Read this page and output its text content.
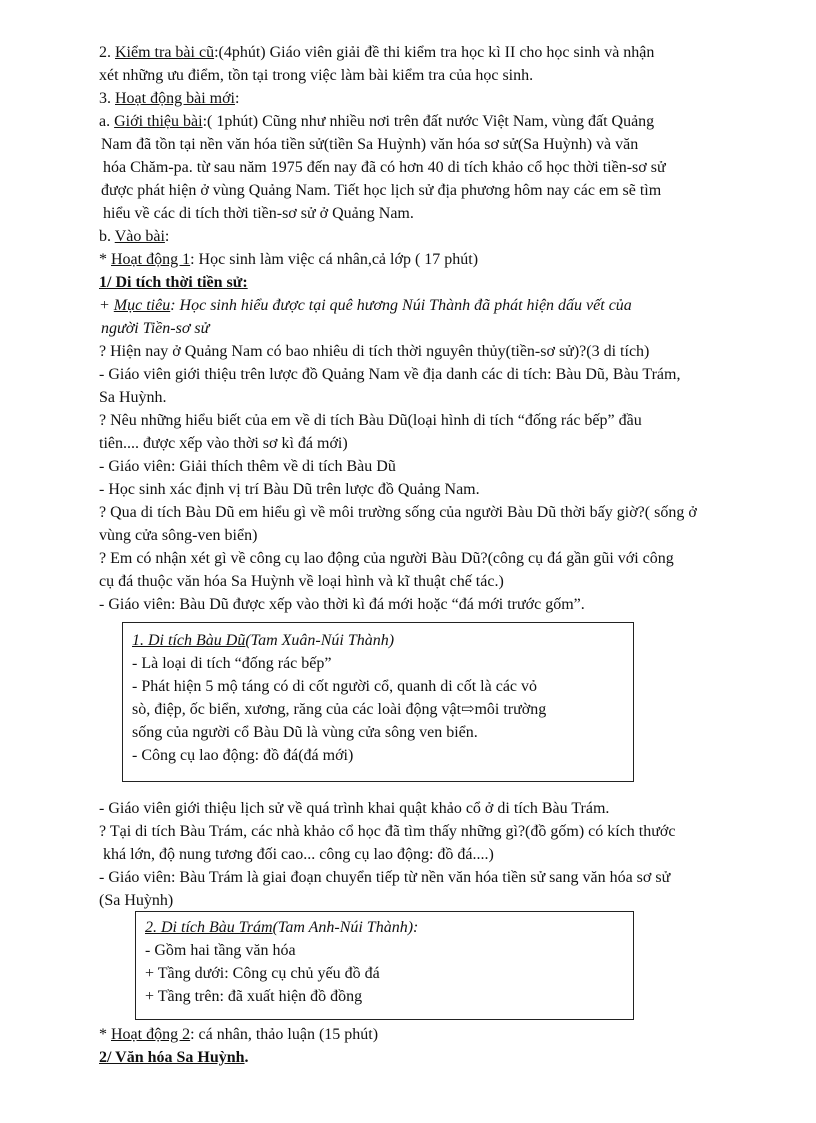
2. Kiểm tra bài cũ:(4phút) Giáo viên giải đề thi kiểm tra học kì II cho học sinh và nhận
xét những ưu điểm, tồn tại trong việc làm bài kiểm tra của học sinh.
3. Hoạt động bài mới:
a. Giới thiệu bài:( 1phút) Cũng như nhiều nơi trên đất nước Việt Nam, vùng đất Quảng
Nam đã tồn tại nền văn hóa tiền sử(tiền Sa Huỳnh) văn hóa sơ sử(Sa Huỳnh) và văn
hóa Chăm-pa. từ sau năm 1975 đến nay đã có hơn 40 di tích khảo cổ học thời tiền-sơ sử
được phát hiện ở vùng Quảng Nam. Tiết học lịch sử địa phương hôm nay các em sẽ tìm
hiểu về các di tích thời tiền-sơ sử ở Quảng Nam.
b. Vào bài:
* Hoạt động 1: Học sinh làm việc cá nhân,cả lớp ( 17 phút)
1/ Di tích thời tiền sử:
+ Mục tiêu: Học sinh hiểu được tại quê hương Núi Thành đã phát hiện dấu vết của
người Tiền-sơ sử
? Hiện nay ở Quảng Nam có bao nhiêu di tích thời nguyên thủy(tiền-sơ sử)?(3 di tích)
- Giáo viên giới thiệu trên lược đồ Quảng Nam về địa danh các di tích: Bàu Dũ, Bàu Trám,
Sa Huỳnh.
? Nêu những hiểu biết của em về di tích Bàu Dũ(loại hình di tích “đống rác bếp” đầu
tiên.... được xếp vào thời sơ kì đá mới)
- Giáo viên: Giải thích thêm về di tích Bàu Dũ
- Học sinh xác định vị trí Bàu Dũ trên lược đồ Quảng Nam.
? Qua di tích Bàu Dũ em hiểu gì về môi trường sống của người Bàu Dũ thời bấy giờ?( sống ở
vùng cửa sông-ven biển)
? Em có nhận xét gì về công cụ lao động của người Bàu Dũ?(công cụ đá gần gũi với công
cụ đá thuộc văn hóa Sa Huỳnh về loại hình và kĩ thuật chế tác.)
- Giáo viên: Bàu Dũ được xếp vào thời kì đá mới hoặc “đá mới trước gốm”.
1. Di tích Bàu Dũ(Tam Xuân-Núi Thành)
- Là loại di tích “đống rác bếp”
- Phát hiện 5 mộ táng có di cốt người cổ, quanh di cốt là các vỏ
sò, điệp, ốc biển, xương, răng của các loài động vật⇨môi trường
sống của người cổ Bàu Dũ là vùng cửa sông ven biển.
- Công cụ lao động: đồ đá(đá mới)
- Giáo viên giới thiệu lịch sử về quá trình khai quật khảo cổ ở di tích Bàu Trám.
? Tại di tích Bàu Trám, các nhà khảo cổ học đã tìm thấy những gì?(đồ gốm) có kích thước
khá lớn, độ nung tương đối cao... công cụ lao động: đồ đá....)
- Giáo viên: Bàu Trám là giai đoạn chuyển tiếp từ nền văn hóa tiền sử sang văn hóa sơ sử
(Sa Huỳnh)
2. Di tích Bàu Trám(Tam Anh-Núi Thành):
- Gồm hai tầng văn hóa
+ Tầng dưới: Công cụ chủ yếu đồ đá
+ Tầng trên: đã xuất hiện đồ đồng
* Hoạt động 2: cá nhân, thảo luận (15 phút)
2/ Văn hóa Sa Huỳnh.
